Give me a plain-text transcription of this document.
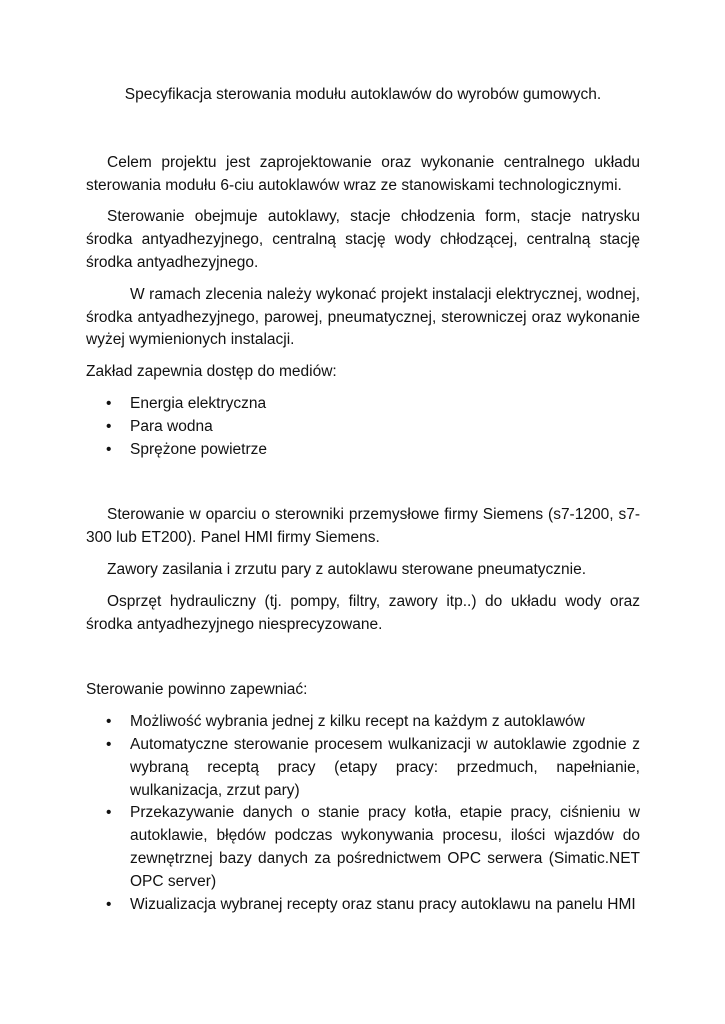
Specyfikacja sterowania modułu autoklawów do wyrobów gumowych.

Celem projektu jest zaprojektowanie oraz wykonanie centralnego układu sterowania modułu 6-ciu autoklawów wraz ze stanowiskami technologicznymi.

Sterowanie obejmuje autoklawy, stacje chłodzenia form, stacje natrysku środka antyadhezyjnego, centralną stację wody chłodzącej, centralną stację środka antyadhezyjnego.

W ramach zlecenia należy wykonać projekt instalacji elektrycznej, wodnej, środka antyadhezyjnego, parowej, pneumatycznej, sterowniczej oraz wykonanie wyżej wymienionych instalacji.

Zakład zapewnia dostęp do mediów:

• Energia elektryczna
• Para wodna
• Sprężone powietrze

Sterowanie w oparciu o sterowniki przemysłowe firmy Siemens (s7-1200, s7-300 lub ET200). Panel HMI firmy Siemens.

Zawory zasilania i zrzutu pary z autoklawu sterowane pneumatycznie.

Osprzęt hydrauliczny (tj. pompy, filtry, zawory itp..) do układu wody oraz środka antyadhezyjnego niesprecyzowane.

Sterowanie powinno zapewniać:

• Możliwość wybrania jednej z kilku recept na każdym z autoklawów
• Automatyczne sterowanie procesem wulkanizacji w autoklawie zgodnie z wybraną receptą pracy (etapy pracy: przedmuch, napełnianie, wulkanizacja, zrzut pary)
• Przekazywanie danych o stanie pracy kotła, etapie pracy, ciśnieniu w autoklawie, błędów podczas wykonywania procesu, ilości wjazdów do zewnętrznej bazy danych za pośrednictwem OPC serwera (Simatic.NET OPC server)
• Wizualizacja wybranej recepty oraz stanu pracy autoklawu na panelu HMI
